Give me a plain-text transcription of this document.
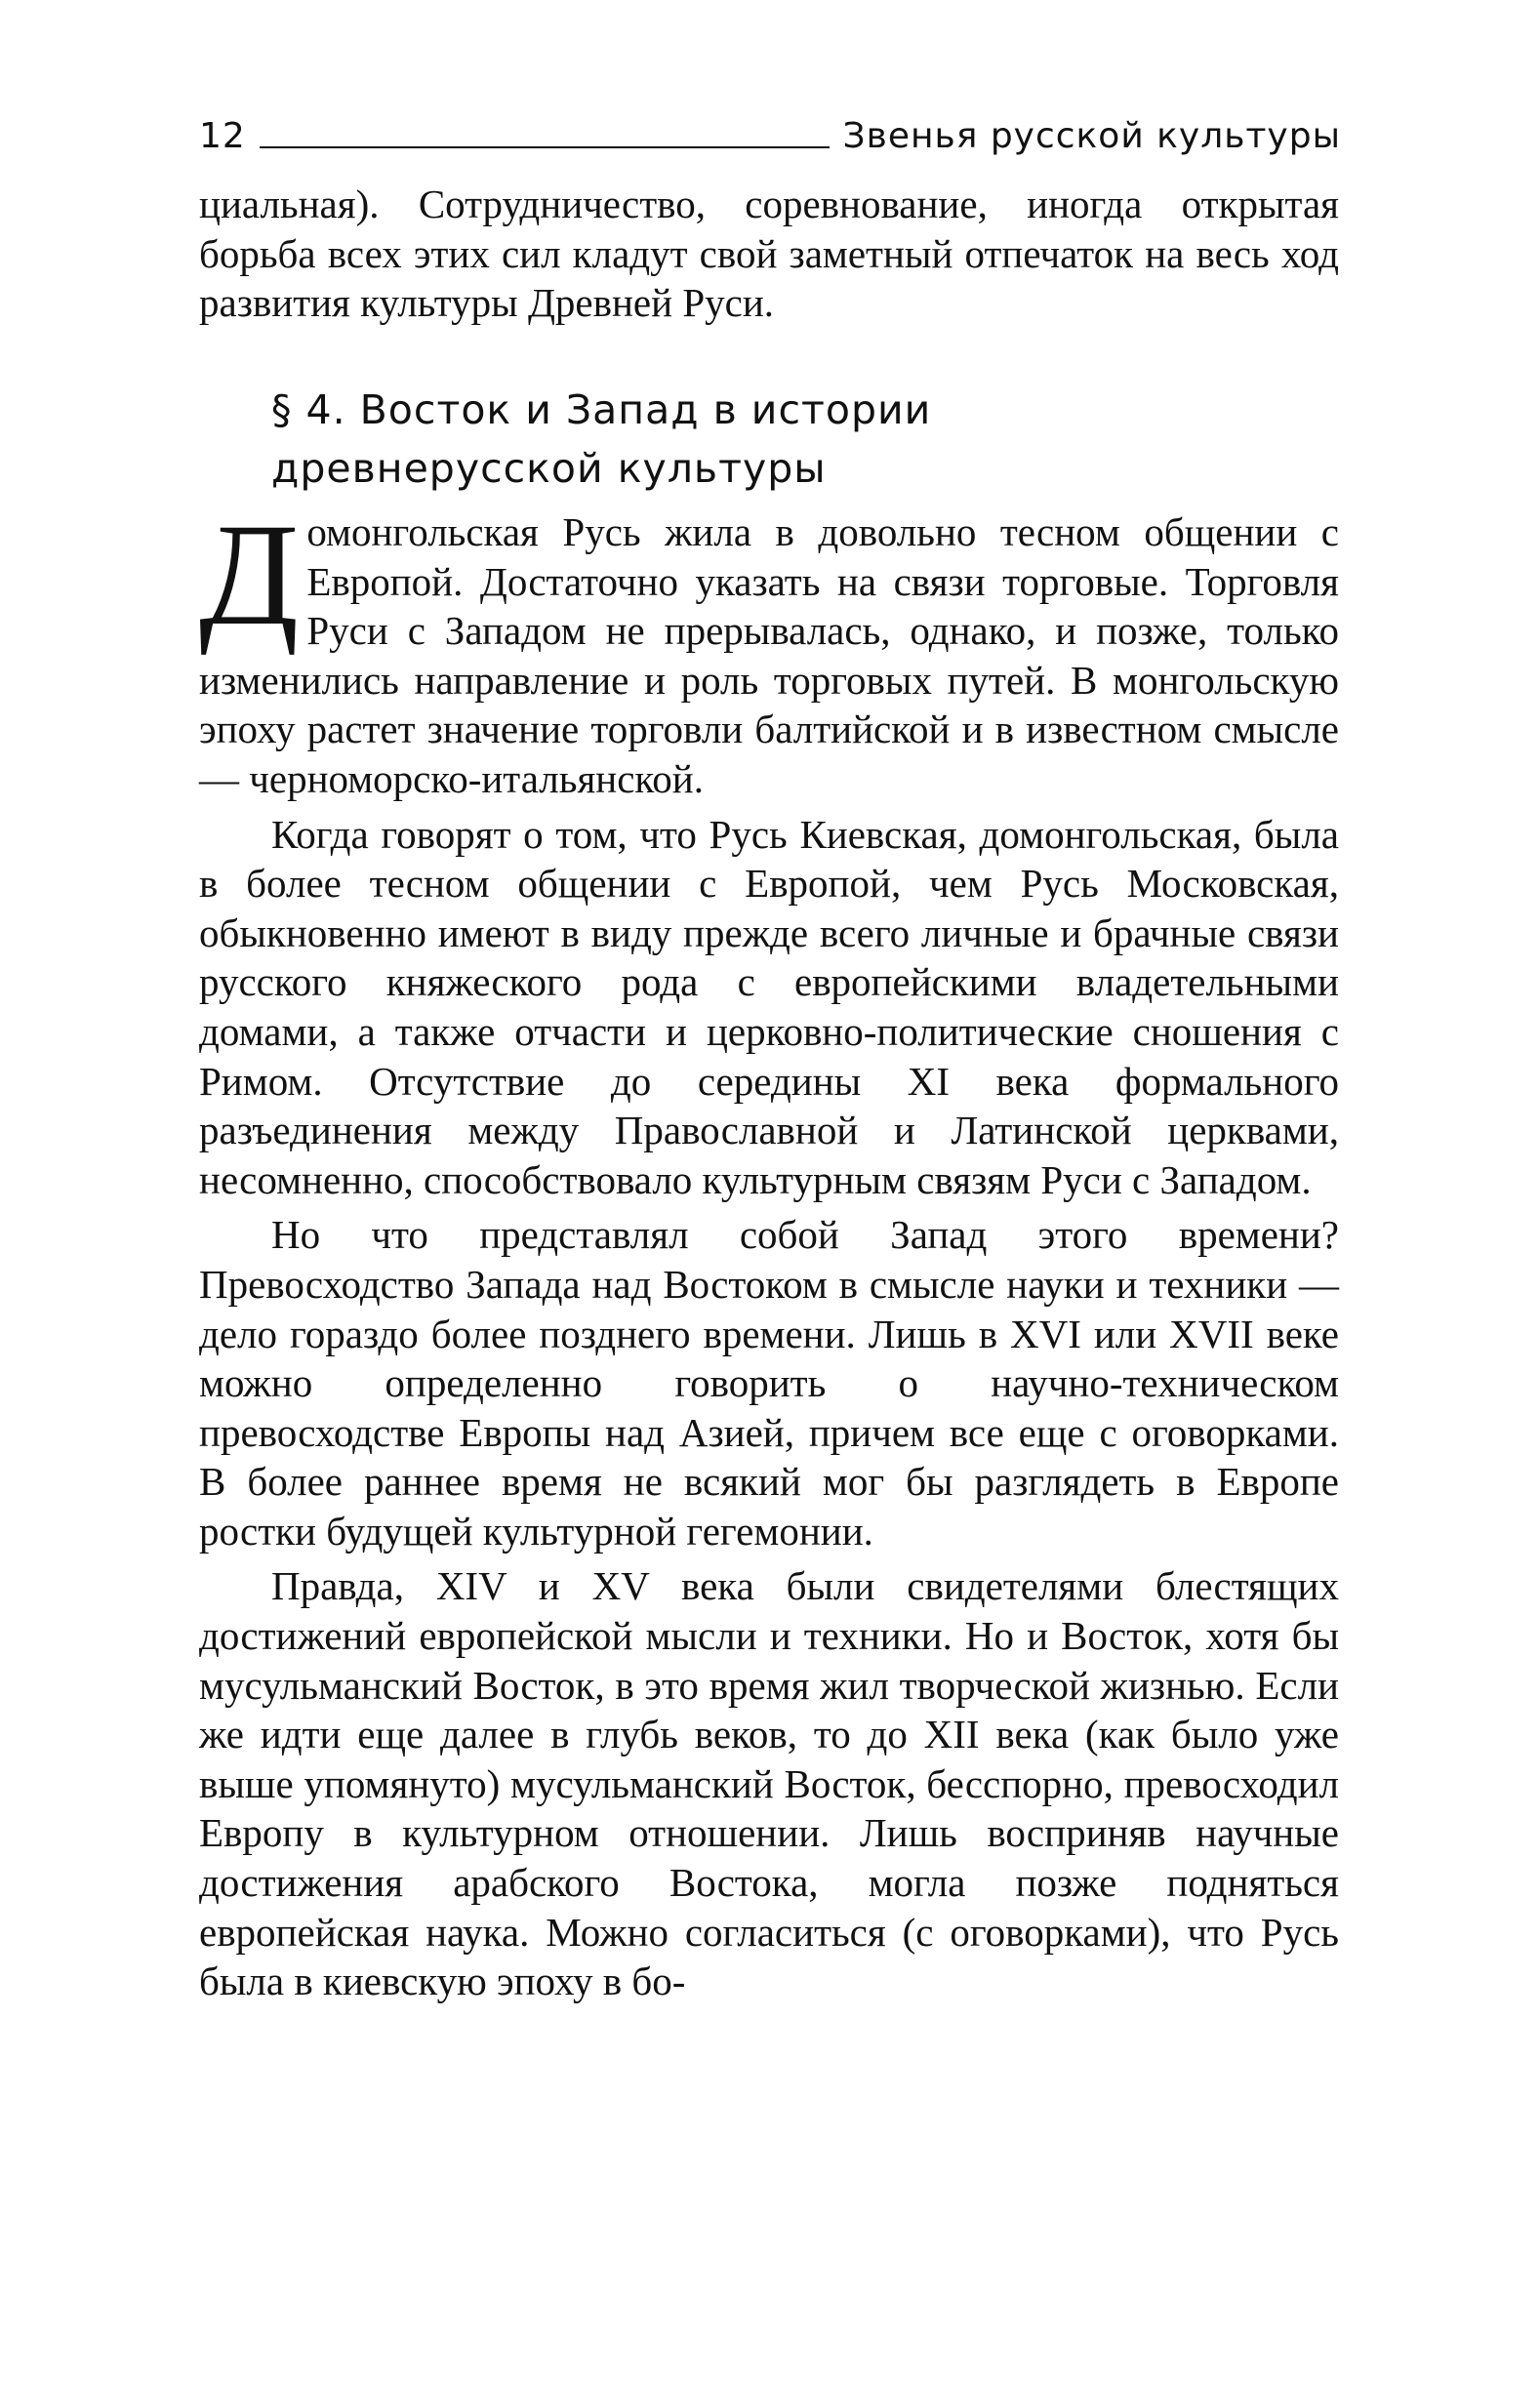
12	Звенья русской культуры

циальная). Сотрудничество, соревнование, иногда открытая борьба всех этих сил кладут свой заметный отпечаток на весь ход развития культуры Древней Руси.

§ 4. Восток и Запад в истории
древнерусской культуры

Домонгольская Русь жила в довольно тесном общении с Европой. Достаточно указать на связи торговые. Торговля Руси с Западом не прерывалась, однако, и позже, только изменились направление и роль торговых путей. В монгольскую эпоху растет значение торговли балтийской и в известном смысле — черноморско-итальянской.

Когда говорят о том, что Русь Киевская, домонгольская, была в более тесном общении с Европой, чем Русь Московская, обыкновенно имеют в виду прежде всего личные и брачные связи русского княжеского рода с европейскими владетельными домами, а также отчасти и церковно-политические сношения с Римом. Отсутствие до середины XI века формального разъединения между Православной и Латинской церквами, несомненно, способствовало культурным связям Руси с Западом.

Но что представлял собой Запад этого времени? Превосходство Запада над Востоком в смысле науки и техники — дело гораздо более позднего времени. Лишь в XVI или XVII веке можно определенно говорить о научно-техническом превосходстве Европы над Азией, причем все еще с оговорками. В более раннее время не всякий мог бы разглядеть в Европе ростки будущей культурной гегемонии.

Правда, XIV и XV века были свидетелями блестящих достижений европейской мысли и техники. Но и Восток, хотя бы мусульманский Восток, в это время жил творческой жизнью. Если же идти еще далее в глубь веков, то до XII века (как было уже выше упомянуто) мусульманский Восток, бесспорно, превосходил Европу в культурном отношении. Лишь восприняв научные достижения арабского Востока, могла позже подняться европейская наука. Можно согласиться (с оговорками), что Русь была в киевскую эпоху в бо-
